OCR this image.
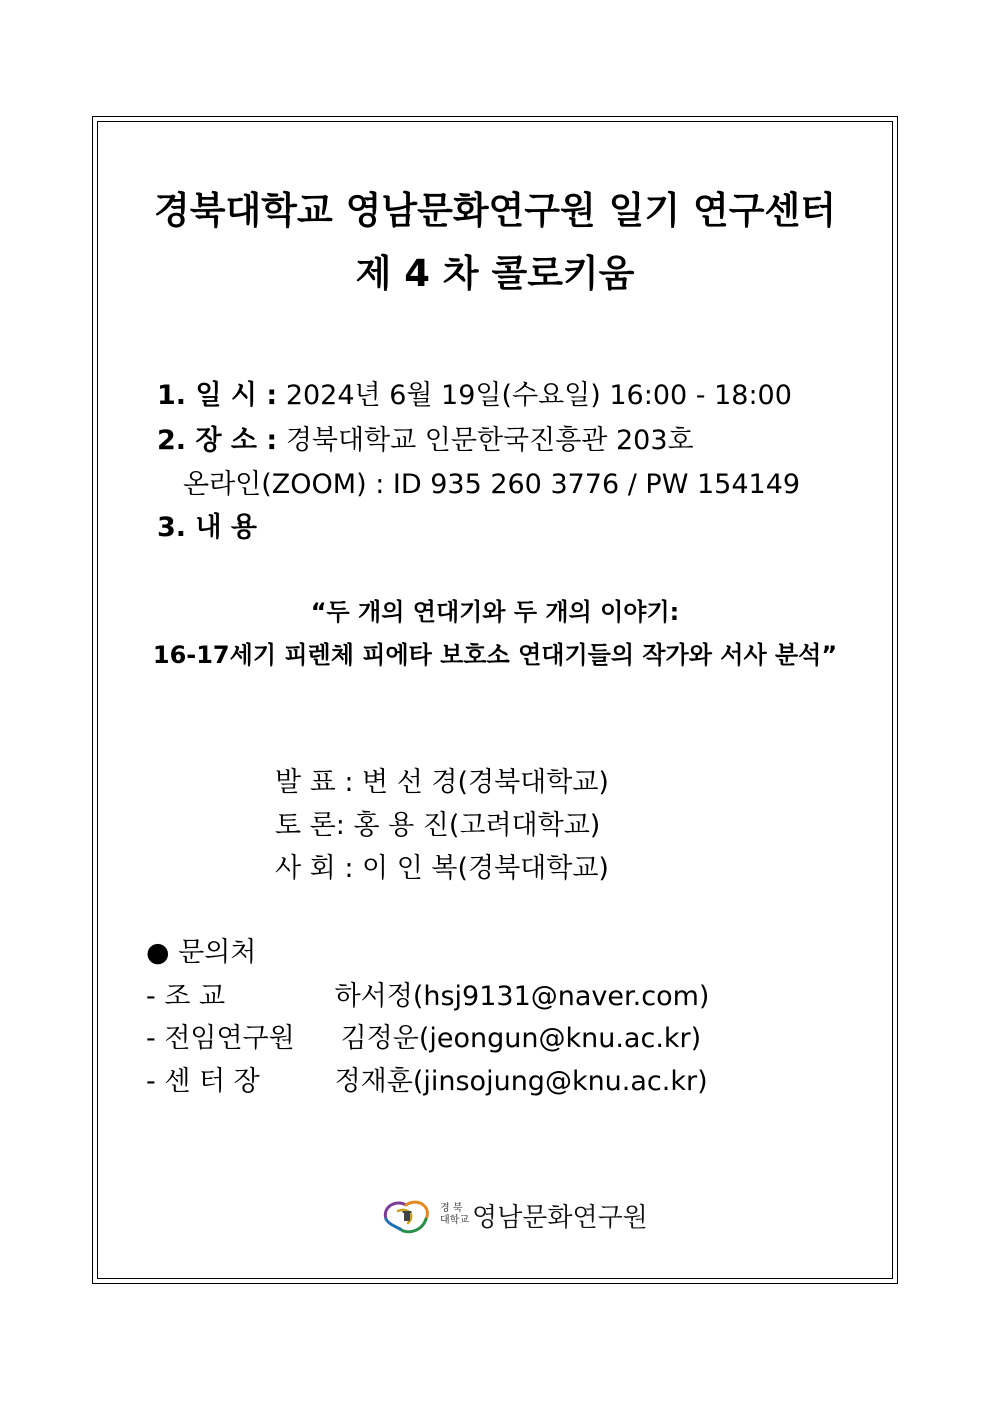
경북대학교 영남문화연구원 일기 연구센터
제 4 차 콜로키움
1. 일 시 : 2024년 6월 19일(수요일) 16:00 - 18:00
2. 장 소 : 경북대학교 인문한국진흥관 203호
온라인(ZOOM) : ID 935 260 3776 / PW 154149
3. 내 용
“두 개의 연대기와 두 개의 이야기:
16-17세기 피렌체 피에타 보호소 연대기들의 작가와 서사 분석”
발 표 : 변 선 경(경북대학교)
토 론: 홍 용 진(고려대학교)
사 회 : 이 인 복(경북대학교)
● 문의처
- 조 교	하서정(hsj9131@naver.com)
- 전임연구원 김정운(jeongun@knu.ac.kr)
- 센 터 장	정재훈(jinsojung@knu.ac.kr)
경 북
대학교 영남문화연구원
